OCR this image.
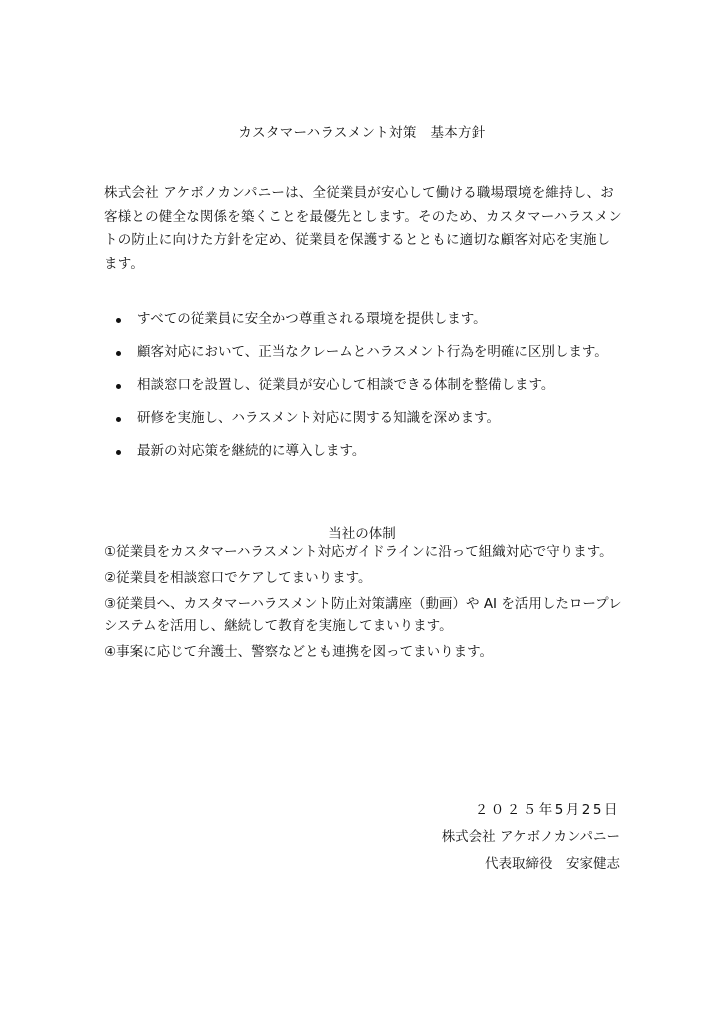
カスタマーハラスメント対策　基本方針

株式会社 アケボノカンパニーは、全従業員が安心して働ける職場環境を維持し、お客様との健全な関係を築くことを最優先とします。そのため、カスタマーハラスメントの防止に向けた方針を定め、従業員を保護するとともに適切な顧客対応を実施します。

すべての従業員に安全かつ尊重される環境を提供します。
顧客対応において、正当なクレームとハラスメント行為を明確に区別します。
相談窓口を設置し、従業員が安心して相談できる体制を整備します。
研修を実施し、ハラスメント対応に関する知識を深めます。
最新の対応策を継続的に導入します。
当社の体制
①従業員をカスタマーハラスメント対応ガイドラインに沿って組織対応で守ります。
②従業員を相談窓口でケアしてまいります。
③従業員へ、カスタマーハラスメント防止対策講座（動画）や AI を活用したロープレシステムを活用し、継続して教育を実施してまいります。
④事案に応じて弁護士、警察などとも連携を図ってまいります。
２０２５年5月25日
株式会社 アケボノカンパニー
代表取締役　安家健志
